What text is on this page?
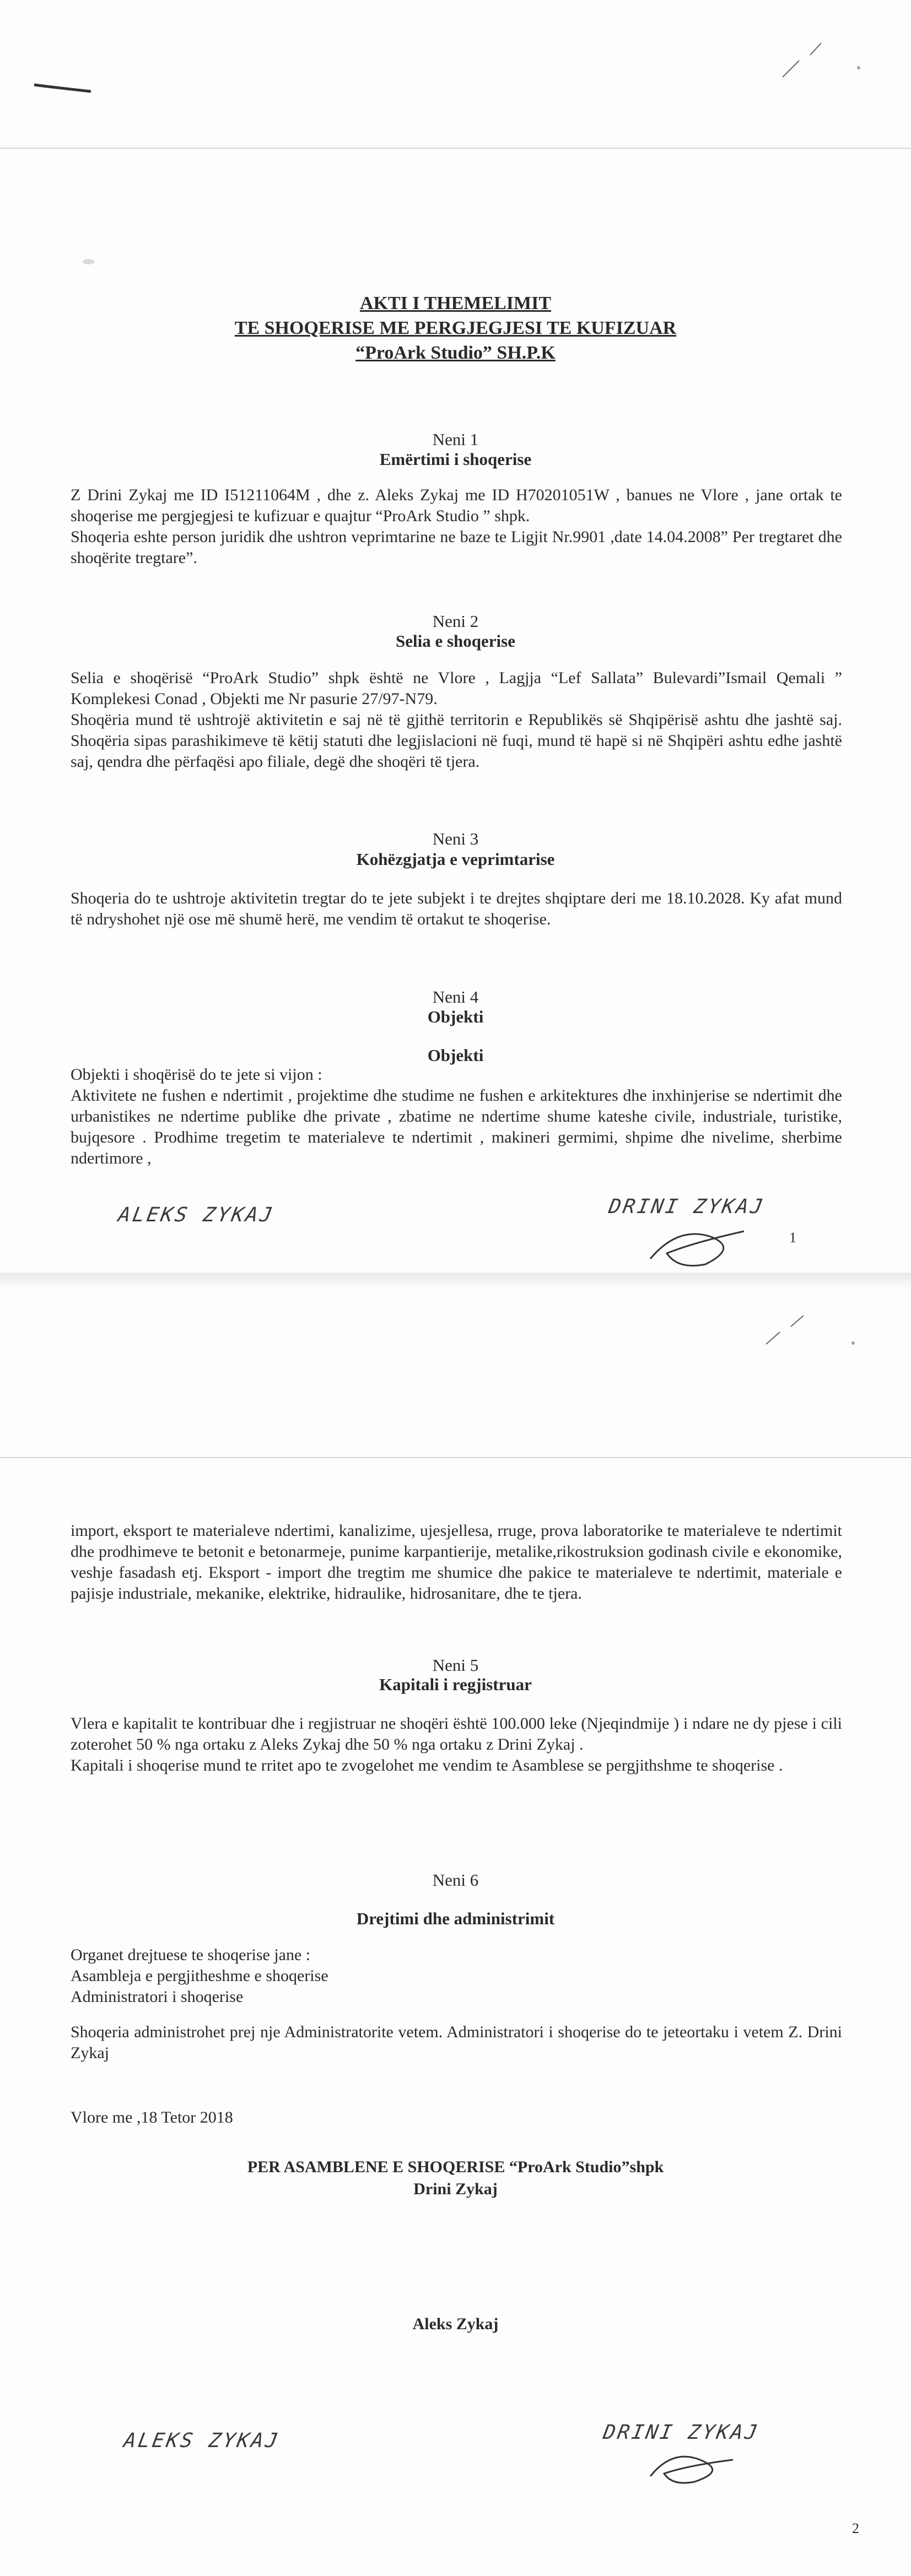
AKTI I THEMELIMIT
TE SHOQERISE ME PERGJEGJESI TE KUFIZUAR
“ProArk Studio” SH.P.K
Neni 1
Emërtimi i shoqerise

Z Drini Zykaj me ID I51211064M , dhe z. Aleks Zykaj me ID H70201051W , banues ne Vlore , jane ortak te shoqerise me pergjegjesi te kufizuar e quajtur “ProArk Studio ” shpk.

Shoqeria eshte person juridik dhe ushtron veprimtarine ne baze te Ligjit Nr.9901 ,date 14.04.2008” Per tregtaret dhe shoqërite tregtare”.

Neni 2
Selia e shoqerise

Selia e shoqërisë “ProArk Studio” shpk është ne Vlore , Lagjja “Lef Sallata” Bulevardi”Ismail Qemali ” Komplekesi Conad , Objekti me Nr pasurie 27/97-N79.

Shoqëria mund të ushtrojë aktivitetin e saj në të gjithë territorin e Republikës së Shqipërisë ashtu dhe jashtë saj. Shoqëria sipas parashikimeve të këtij statuti dhe legjislacioni në fuqi, mund të hapë si në Shqipëri ashtu edhe jashtë saj, qendra dhe përfaqësi apo filiale, degë dhe shoqëri të tjera.

Neni 3
Kohëzgjatja e veprimtarise

Shoqeria do te ushtroje aktivitetin tregtar do te jete subjekt i te drejtes shqiptare deri me 18.10.2028. Ky afat mund të ndryshohet një ose më shumë herë, me vendim të ortakut te shoqerise.

Neni 4
Objekti
Objekti

Objekti i shoqërisë do te jete si vijon :

Aktivitete ne fushen e ndertimit , projektime dhe studime ne fushen e arkitektures dhe inxhinjerise se ndertimit dhe urbanistikes ne ndertime publike dhe private , zbatime ne ndertime shume kateshe civile, industriale, turistike, bujqesore . Prodhime tregetim te materialeve te ndertimit , makineri germimi, shpime dhe nivelime, sherbime ndertimore ,

ALEKS ZYKAJ	DRINI ZYKAJ
1

import, eksport te materialeve ndertimi, kanalizime, ujesjellesa, rruge, prova laboratorike te materialeve te ndertimit dhe prodhimeve te betonit e betonarmeje, punime karpantierije, metalike,rikostruksion godinash civile e ekonomike, veshje fasadash etj. Eksport - import dhe tregtim me shumice dhe pakice te materialeve te ndertimit, materiale e pajisje industriale, mekanike, elektrike, hidraulike, hidrosanitare, dhe te tjera.

Neni 5
Kapitali i regjistruar

Vlera e kapitalit te kontribuar dhe i regjistruar ne shoqëri është 100.000 leke (Njeqindmije ) i ndare ne dy pjese i cili zoterohet 50 % nga ortaku z Aleks Zykaj dhe 50 % nga ortaku z Drini Zykaj .

Kapitali i shoqerise mund te rritet apo te zvogelohet me vendim te Asamblese se pergjithshme te shoqerise .

Neni 6
Drejtimi dhe administrimit

Organet drejtuese te shoqerise jane :

Asambleja e pergjitheshme e shoqerise

Administratori i shoqerise

Shoqeria administrohet prej nje Administratorite vetem. Administratori i shoqerise do te jeteortaku i vetem Z. Drini Zykaj

Vlore me ,18 Tetor 2018
PER ASAMBLENE E SHOQERISE “ProArk Studio”shpk
Drini Zykaj
Aleks Zykaj
ALEKS ZYKAJ	DRINI ZYKAJ
2
